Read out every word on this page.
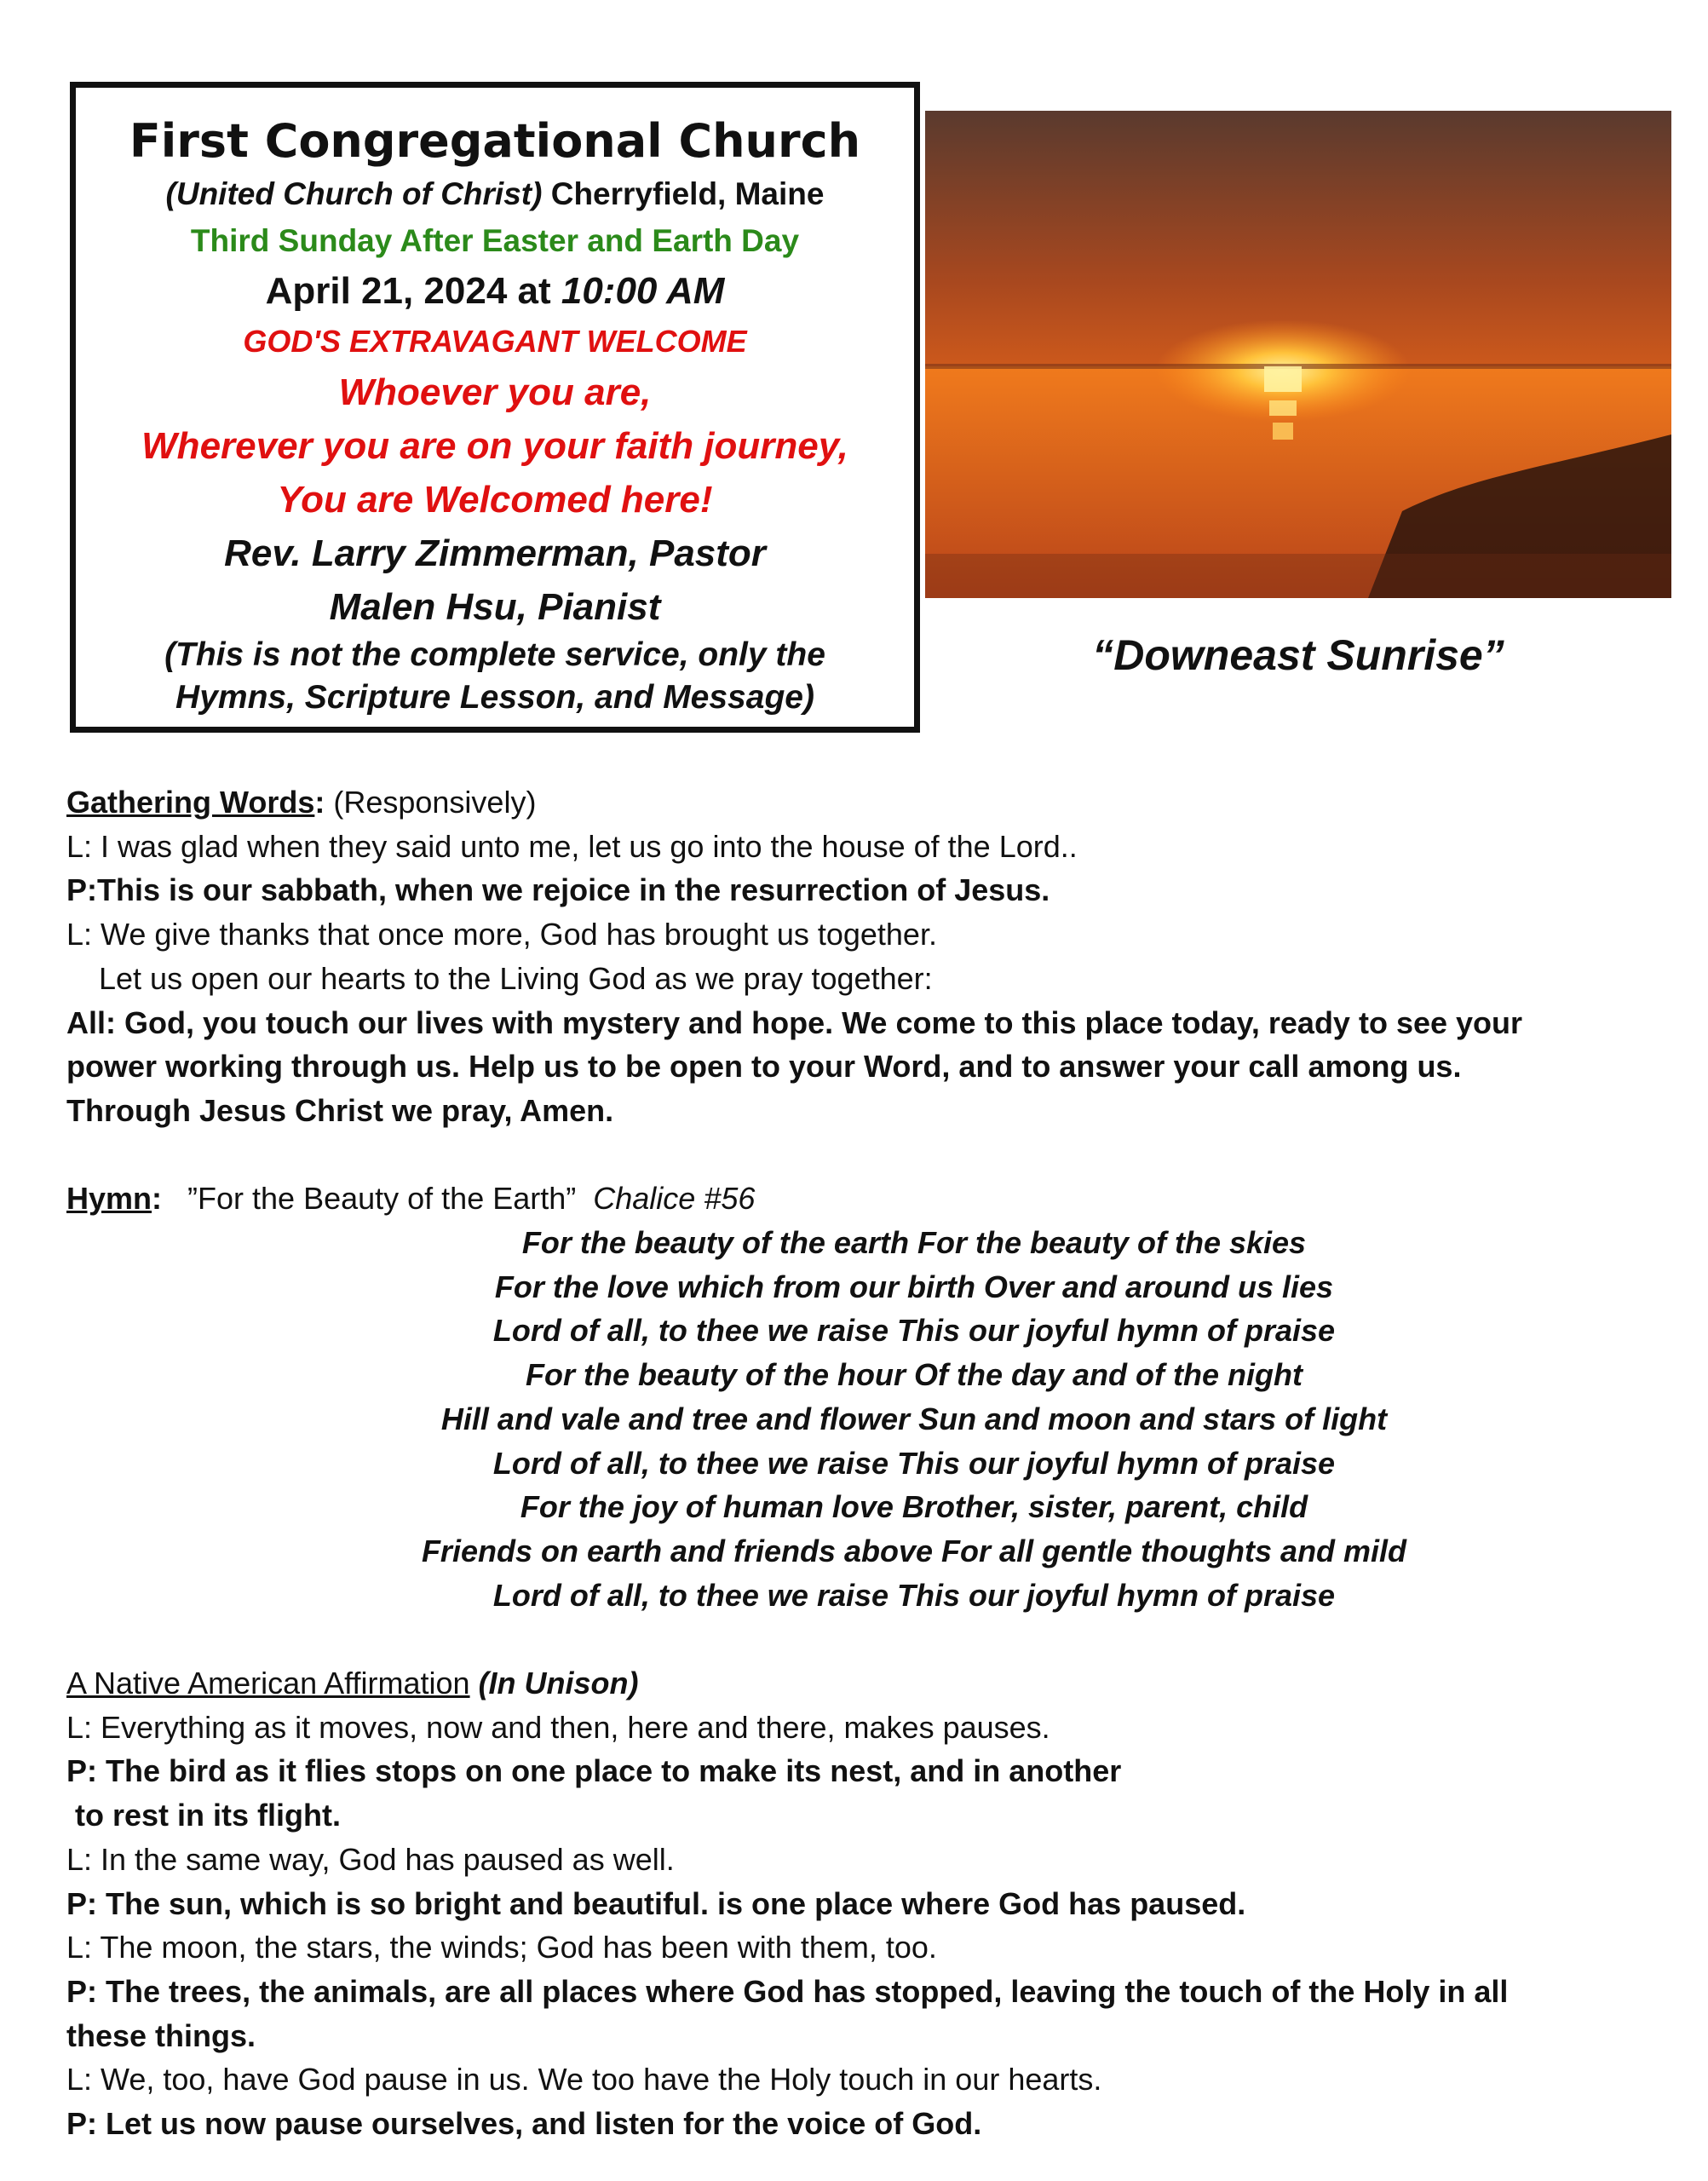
First Congregational Church
(United Church of Christ) Cherryfield, Maine
Third Sunday After Easter and Earth Day
April 21, 2024 at 10:00 AM
GOD'S EXTRAVAGANT WELCOME
Whoever you are,
Wherever you are on your faith journey,
You are Welcomed here!
Rev. Larry Zimmerman, Pastor
Malen Hsu, Pianist
(This is not the complete service, only the
Hymns, Scripture Lesson, and Message)
“Downeast Sunrise”

Gathering Words: (Responsively)

L: I was glad when they said unto me, let us go into the house of the Lord..

P:This is our sabbath, when we rejoice in the resurrection of Jesus.

L: We give thanks that once more, God has brought us together.

Let us open our hearts to the Living God as we pray together:

All: God, you touch our lives with mystery and hope. We come to this place today, ready to see your

power working through us. Help us to be open to your Word, and to answer your call among us.

Through Jesus Christ we pray, Amen.

Hymn:   ”For the Beauty of the Earth”  Chalice #56

For the beauty of the earth For the beauty of the skies

For the love which from our birth Over and around us lies

Lord of all, to thee we raise This our joyful hymn of praise

For the beauty of the hour Of the day and of the night

Hill and vale and tree and flower Sun and moon and stars of light

Lord of all, to thee we raise This our joyful hymn of praise

For the joy of human love Brother, sister, parent, child

Friends on earth and friends above For all gentle thoughts and mild

Lord of all, to thee we raise This our joyful hymn of praise

A Native American Affirmation (In Unison)

L: Everything as it moves, now and then, here and there, makes pauses.

P: The bird as it flies stops on one place to make its nest, and in another

to rest in its flight.

L: In the same way, God has paused as well.

P: The sun, which is so bright and beautiful. is one place where God has paused.

L: The moon, the stars, the winds; God has been with them, too.

P: The trees, the animals, are all places where God has stopped, leaving the touch of the Holy in all

these things.

L: We, too, have God pause in us. We too have the Holy touch in our hearts.

P: Let us now pause ourselves, and listen for the voice of God.
